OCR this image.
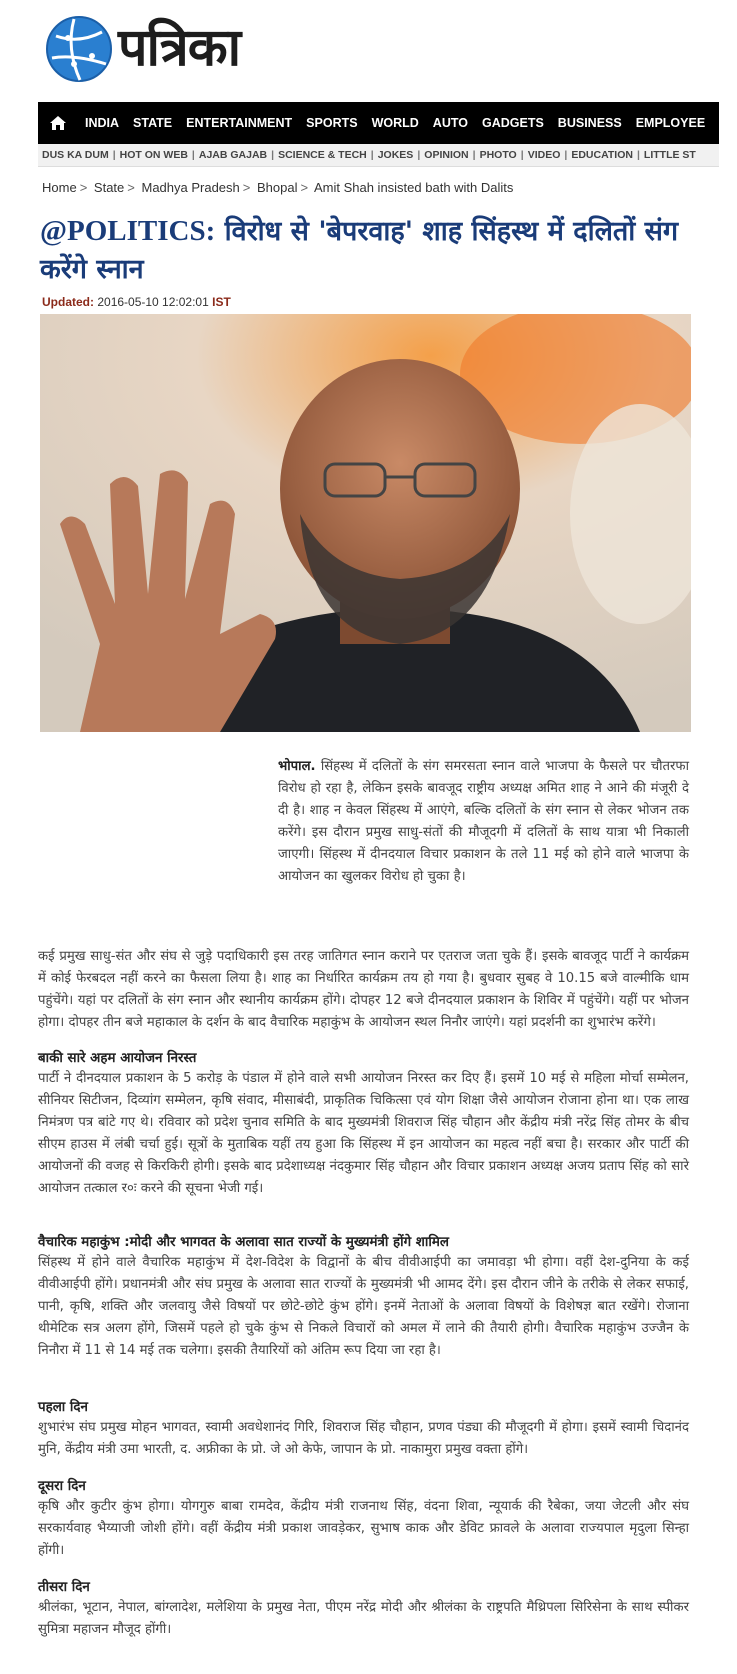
पत्रिका
INDIA	STATE	ENTERTAINMENT	SPORTS	WORLD	AUTO	GADGETS	BUSINESS	EMPLOYEE
DUS KA DUM | HOT ON WEB | AJAB GAJAB | SCIENCE & TECH | JOKES | OPINION | PHOTO | VIDEO | EDUCATION | LITTLE ST
Home > State > Madhya Pradesh > Bhopal > Amit Shah insisted bath with Dalits
@POLITICS: विरोध से 'बेपरवाह' शाह सिंहस्थ में दलितों संग करेंगे स्नान
Updated: 2016-05-10 12:02:01 IST

भोपाल. सिंहस्थ में दलितों के संग समरसता स्नान वाले भाजपा के फैसले पर चौतरफा विरोध हो रहा है, लेकिन इसके बावजूद राष्ट्रीय अध्यक्ष अमित शाह ने आने की मंजूरी दे दी है। शाह न केवल सिंहस्थ में आएंगे, बल्कि दलितों के संग स्नान से लेकर भोजन तक करेंगे। इस दौरान प्रमुख साधु-संतों की मौजूदगी में दलितों के साथ यात्रा भी निकाली जाएगी। सिंहस्थ में दीनदयाल विचार प्रकाशन के तले 11 मई को होने वाले भाजपा के आयोजन का खुलकर विरोध हो चुका है।

कई प्रमुख साधु-संत और संघ से जुड़े पदाधिकारी इस तरह जातिगत स्नान कराने पर एतराज जता चुके हैं। इसके बावजूद पार्टी ने कार्यक्रम में कोई फेरबदल नहीं करने का फैसला लिया है। शाह का निर्धारित कार्यक्रम तय हो गया है। बुधवार सुबह वे 10.15 बजे वाल्मीकि धाम पहुंचेंगे। यहां पर दलितों के संग स्नान और स्थानीय कार्यक्रम होंगे। दोपहर 12 बजे दीनदयाल प्रकाशन के शिविर में पहुंचेंगे। यहीं पर भोजन होगा। दोपहर तीन बजे महाकाल के दर्शन के बाद वैचारिक महाकुंभ के आयोजन स्थल निनौर जाएंगे। यहां प्रदर्शनी का शुभारंभ करेंगे।

बाकी सारे अहम आयोजन निरस्त

पार्टी ने दीनदयाल प्रकाशन के 5 करोड़ के पंडाल में होने वाले सभी आयोजन निरस्त कर दिए हैं। इसमें 10 मई से महिला मोर्चा सम्मेलन, सीनियर सिटीजन, दिव्यांग सम्मेलन, कृषि संवाद, मीसाबंदी, प्राकृतिक चिकित्सा एवं योग शिक्षा जैसे आयोजन रोजाना होना था। एक लाख निमंत्रण पत्र बांटे गए थे। रविवार को प्रदेश चुनाव समिति के बाद मुख्यमंत्री शिवराज सिंह चौहान और केंद्रीय मंत्री नरेंद्र सिंह तोमर के बीच सीएम हाउस में लंबी चर्चा हुई। सूत्रों के मुताबिक यहीं तय हुआ कि सिंहस्थ में इन आयोजन का महत्व नहीं बचा है। सरकार और पार्टी की आयोजनों की वजह से किरकिरी होगी। इसके बाद प्रदेशाध्यक्ष नंदकुमार सिंह चौहान और विचार प्रकाशन अध्यक्ष अजय प्रताप सिंह को सारे आयोजन तत्काल र०ः करने की सूचना भेजी गई।

वैचारिक महाकुंभ :मोदी और भागवत के अलावा सात राज्यों के मुख्यमंत्री होंगे शामिल

सिंहस्थ में होने वाले वैचारिक महाकुंभ में देश-विदेश के विद्वानों के बीच वीवीआईपी का जमावड़ा भी होगा। वहीं देश-दुनिया के कई वीवीआईपी होंगे। प्रधानमंत्री और संघ प्रमुख के अलावा सात राज्यों के मुख्यमंत्री भी आमद देंगे। इस दौरान जीने के तरीके से लेकर सफाई, पानी, कृषि, शक्ति और जलवायु जैसे विषयों पर छोटे-छोटे कुंभ होंगे। इनमें नेताओं के अलावा विषयों के विशेषज्ञ बात रखेंगे। रोजाना थीमेटिक सत्र अलग होंगे, जिसमें पहले हो चुके कुंभ से निकले विचारों को अमल में लाने की तैयारी होगी। वैचारिक महाकुंभ उज्जैन के निनौरा में 11 से 14 मई तक चलेगा। इसकी तैयारियों को अंतिम रूप दिया जा रहा है।

पहला दिन

शुभारंभ संघ प्रमुख मोहन भागवत, स्वामी अवधेशानंद गिरि, शिवराज सिंह चौहान, प्रणव पंड्या की मौजूदगी में होगा। इसमें स्वामी चिदानंद मुनि, केंद्रीय मंत्री उमा भारती, द. अफ्रीका के प्रो. जे ओ केफे, जापान के प्रो. नाकामुरा प्रमुख वक्ता होंगे।

दूसरा दिन

कृषि और कुटीर कुंभ होगा। योगगुरु बाबा रामदेव, केंद्रीय मंत्री राजनाथ सिंह, वंदना शिवा, न्यूयार्क की रैबेका, जया जेटली और संघ सरकार्यवाह भैय्याजी जोशी होंगे। वहीं केंद्रीय मंत्री प्रकाश जावड़ेकर, सुभाष काक और डेविट फ्रावले के अलावा राज्यपाल मृदुला सिन्हा होंगी।

तीसरा दिन

श्रीलंका, भूटान, नेपाल, बांग्लादेश, मलेशिया के प्रमुख नेता, पीएम नरेंद्र मोदी और श्रीलंका के राष्ट्रपति मैथ्रिपला सिरिसेना के साथ स्पीकर सुमित्रा महाजन मौजूद होंगी।
